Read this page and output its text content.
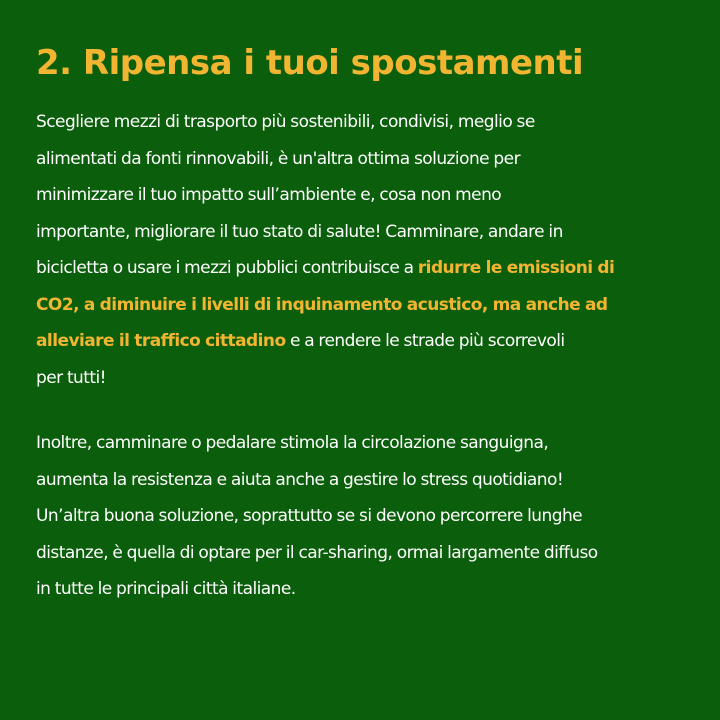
2. Ripensa i tuoi spostamenti
Scegliere mezzi di trasporto più sostenibili, condivisi, meglio se
alimentati da fonti rinnovabili, è un'altra ottima soluzione per
minimizzare il tuo impatto sull’ambiente e, cosa non meno
importante, migliorare il tuo stato di salute! Camminare, andare in
bicicletta o usare i mezzi pubblici contribuisce a ridurre le emissioni di
CO2, a diminuire i livelli di inquinamento acustico, ma anche ad
alleviare il traffico cittadino e a rendere le strade più scorrevoli
per tutti!
Inoltre, camminare o pedalare stimola la circolazione sanguigna,
aumenta la resistenza e aiuta anche a gestire lo stress quotidiano!
Un’altra buona soluzione, soprattutto se si devono percorrere lunghe
distanze, è quella di optare per il car-sharing, ormai largamente diffuso
in tutte le principali città italiane.
